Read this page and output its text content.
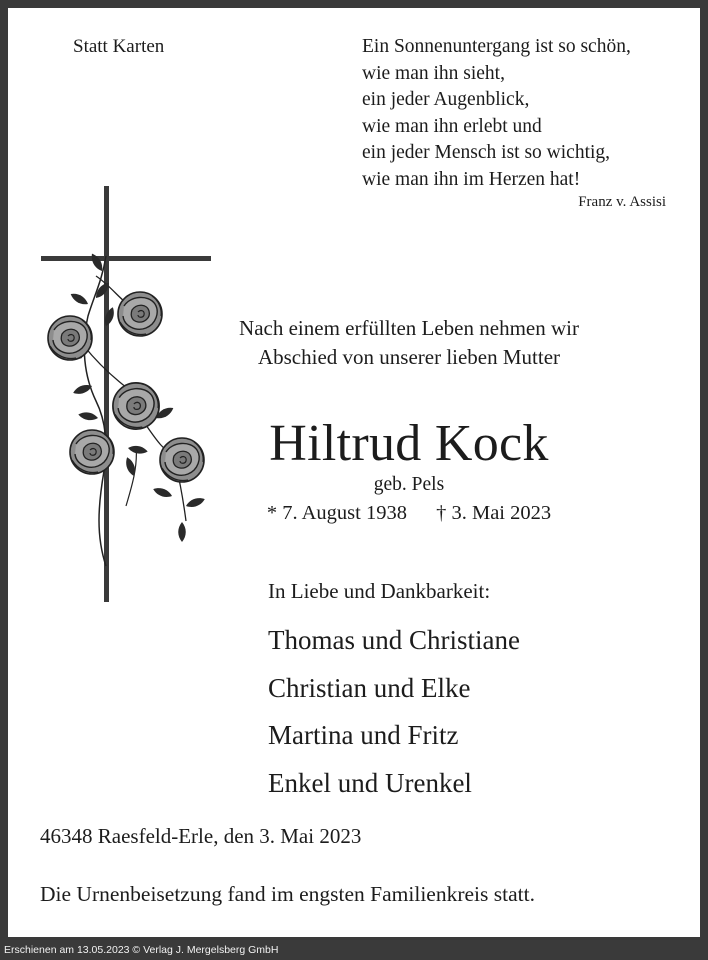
Statt Karten	Ein Sonnenuntergang ist so schön,
wie man ihn sieht,
ein jeder Augenblick,
wie man ihn erlebt und
ein jeder Mensch ist so wichtig,
wie man ihn im Herzen hat!
Franz v. Assisi
Nach einem erfüllten Leben nehmen wir
Abschied von unserer lieben Mutter
Hiltrud Kock
geb. Pels
* 7. August 1938 † 3. Mai 2023
In Liebe und Dankbarkeit:
Thomas und Christiane
Christian und Elke
Martina und Fritz
Enkel und Urenkel
46348 Raesfeld-Erle, den 3. Mai 2023
Die Urnenbeisetzung fand im engsten Familienkreis statt.
Erschienen am 13.05.2023 © Verlag J. Mergelsberg GmbH
